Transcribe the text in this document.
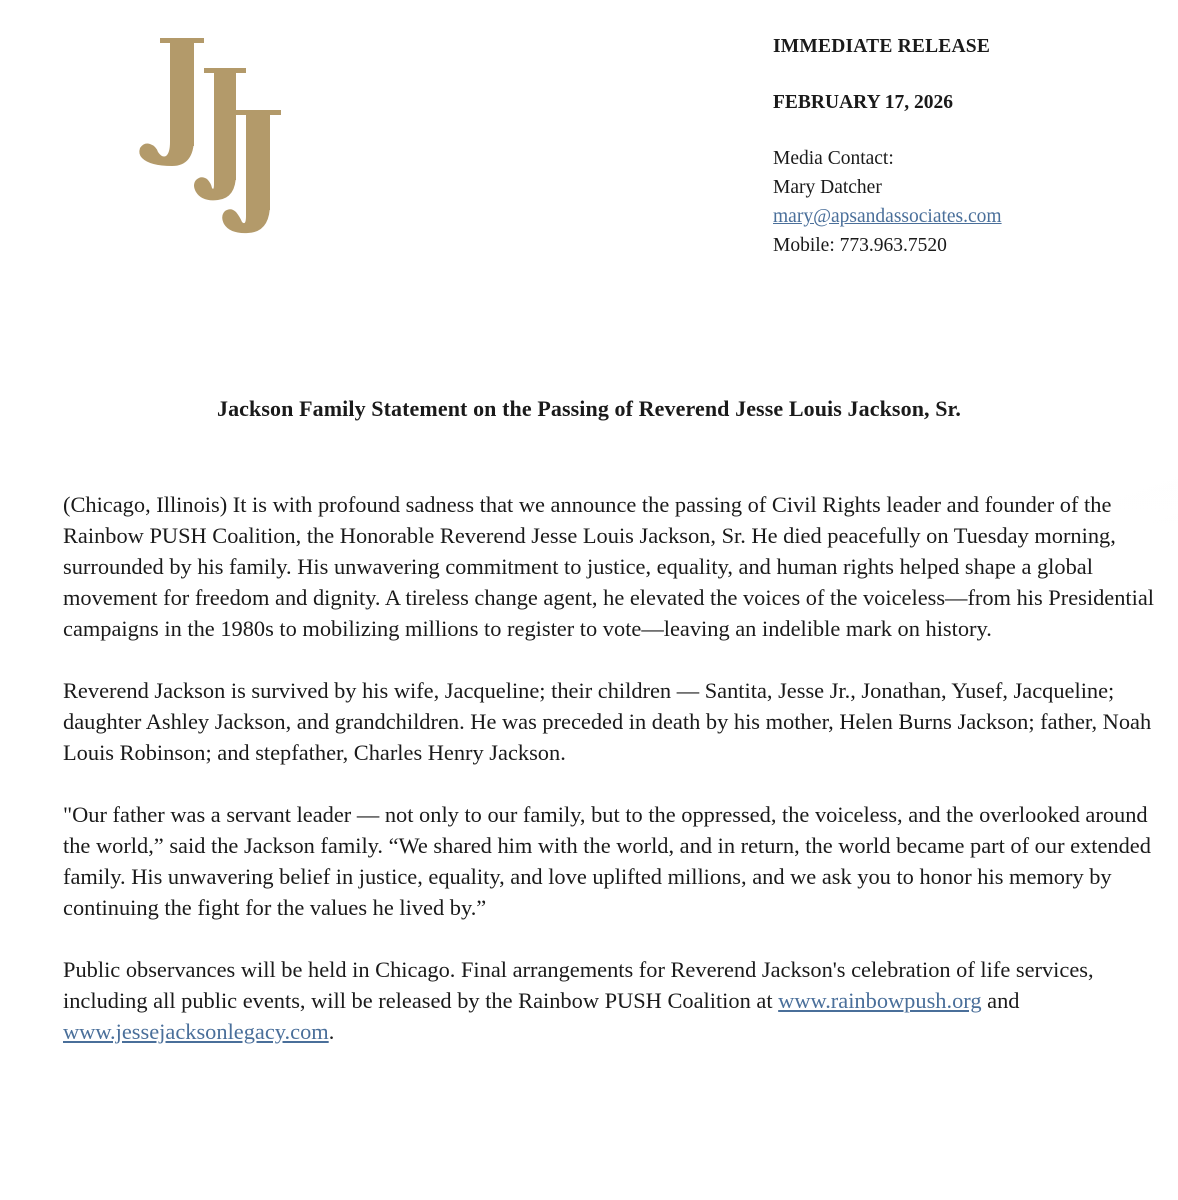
IMMEDIATE RELEASE

FEBRUARY 17, 2026

Media Contact:

Mary Datcher

mary@apsandassociates.com

Mobile: 773.963.7520

Jackson Family Statement on the Passing of Reverend Jesse Louis Jackson, Sr.

(Chicago, Illinois) It is with profound sadness that we announce the passing of Civil Rights leader and founder of the Rainbow PUSH Coalition, the Honorable Reverend Jesse Louis Jackson, Sr. He died peacefully on Tuesday morning, surrounded by his family. His unwavering commitment to justice, equality, and human rights helped shape a global movement for freedom and dignity. A tireless change agent, he elevated the voices of the voiceless—from his Presidential campaigns in the 1980s to mobilizing millions to register to vote—leaving an indelible mark on history.

Reverend Jackson is survived by his wife, Jacqueline; their children — Santita, Jesse Jr., Jonathan, Yusef, Jacqueline; daughter Ashley Jackson, and grandchildren. He was preceded in death by his mother, Helen Burns Jackson; father, Noah Louis Robinson; and stepfather, Charles Henry Jackson.

"Our father was a servant leader — not only to our family, but to the oppressed, the voiceless, and the overlooked around the world,” said the Jackson family. “We shared him with the world, and in return, the world became part of our extended family. His unwavering belief in justice, equality, and love uplifted millions, and we ask you to honor his memory by continuing the fight for the values he lived by.”

Public observances will be held in Chicago. Final arrangements for Reverend Jackson's celebration of life services, including all public events, will be released by the Rainbow PUSH Coalition at www.rainbowpush.org and www.jessejacksonlegacy.com.
